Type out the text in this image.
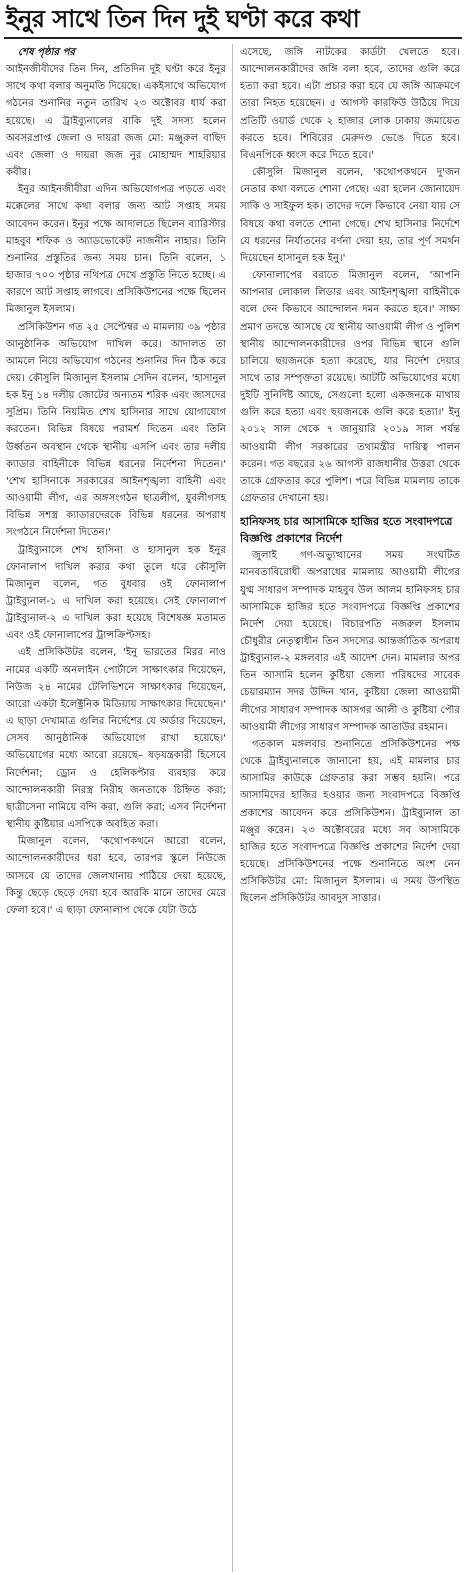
ইনুর সাথে তিন দিন দুই ঘণ্টা করে কথা
শেষ পৃষ্ঠার পর

আইনজীবীদের তিন দিন, প্রতিদিন দুই ঘণ্টা করে ইনুর সাথে কথা বলার অনুমতি দিয়েছে। একইসাথে অভিযোগ গঠনের শুনানির নতুন তারিখ ২৩ অক্টোবর ধার্য করা হয়েছে। এ ট্রাইব্যুনালের বাকি দুই সদস্য হলেন অবসরপ্রাপ্ত জেলা ও দায়রা জজ মো: মঞ্জুরুল বাছিদ এবং জেলা ও দায়রা জজ নুর মোহাম্মদ শাহরিয়ার কবীর।

ইনুর আইনজীবীরা এদিন অভিযোগপত্র পড়তে এবং মক্কেলের সাথে কথা বলার জন্য আট সপ্তাহ সময় আবেদন করেন। ইনুর পক্ষে আদালতে ছিলেন ব্যারিস্টার মাহবুব শফিক ও অ্যাডভোকেট নাজনীন নাহার। তিনি শুনানির প্রস্তুতির জন্য সময় চান। তিনি বলেন, ১ হাজার ৭০০ পৃষ্ঠার নথিপত্র দেখে প্রস্তুতি নিতে হচ্ছে। এ কারণে আট সপ্তাহ লাগবে। প্রসিকিউশনের পক্ষে ছিলেন মিজানুল ইসলাম।

প্রসিকিউশন গত ২৫ সেপ্টেম্বর এ মামলায় ৩৯ পৃষ্ঠার আনুষ্ঠানিক অভিযোগ দাখিল করে। আদালত তা আমলে নিয়ে অভিযোগ গঠনের শুনানির দিন ঠিক করে দেয়। কৌসুলি মিজানুল ইসলাম সেদিন বলেন, 'হাসানুল হক ইনু ১৪ দলীয় জোটের অন্যতম শরিক এবং জাসদের সুপ্রিম। তিনি নিয়মিত শেখ হাসিনার সাথে যোগাযোগ করতেন। বিভিন্ন বিষয়ে পরামর্শ দিতেন এবং তিনি উর্ধ্বতন অবস্থান থেকে স্থানীয় এসপি এবং তার দলীয় ক্যাডার বাহিনীকে বিভিন্ন ধরনের নির্দেশনা দিতেন।' 'শেখ হাসিনাকে সরকারের আইনশৃঙ্খলা বাহিনী এবং আওয়ামী লীগ, এর অঙ্গসংগঠন ছাত্রলীগ, যুবলীগসহ বিভিন্ন সশস্ত্র ক্যাডারদেরকে বিভিন্ন ধরনের অপরাধ সংগঠনে নির্দেশনা দিতেন।'

ট্রাইব্যুনালে শেখ হাসিনা ও হাসানুল হক ইনুর ফোনালাপ দাখিল করার কথা তুলে ধরে কৌসুলি মিজানুল বলেন, গত বুধবার ওই ফোনালাপ ট্রাইব্যুনাল-১ এ দাখিল করা হয়েছে। সেই ফোনালাপ ট্রাইব্যুনাল-২ এ দাখিল করা হয়েছে বিশেষজ্ঞ মতামত এবং ওই ফোনালাপের ট্রান্সক্রিপ্টসহ।

এই প্রসিকিউটর বলেন, 'ইনু ভারতের মিরর নাও নামের একটি অনলাইন পোর্টালে সাক্ষাৎকার দিয়েছেন, নিউজ ২৪ নামের টেলিভিশনে সাক্ষাৎকার দিয়েছেন, আরো একটা ইলেক্ট্রনিক মিডিয়ায় সাক্ষাৎকার দিয়েছেন।' এ ছাড়া দেখামাত্র গুলির নির্দেশের যে অর্ডার দিয়েছেন, সেসব আনুষ্ঠানিক অভিযোগে রাখা হয়েছে।' অভিযোগের মধ্যে আরো রয়েছে– ষড়যন্ত্রকারী হিসেবে নির্দেশনা; ড্রোন ও হেলিকপ্টার ব্যবহার করে আন্দোলনকারী নিরস্ত্র নিরীহ জনতাকে চিহ্নিত করা; ছাত্রীসেনা নামিয়ে বন্দি করা, গুলি করা; এসব নির্দেশনা স্থানীয় কুষ্টিয়ার এসপিকে অবহিত করা।

মিজানুল বলেন, 'কথোপকথনে আরো বলেন, আন্দোলনকারীদের ধরা হবে, তারপর স্কুলে নিউজে আসবে যে তাদের জেলখানায় পাঠিয়ে দেয়া হয়েছে, কিন্তু ছেড়ে ছেড়ে দেয়া হবে আরকি মানে তাদের মেরে ফেলা হবে।' এ ছাড়া ফোনালাপ থেকে যেটা উঠে

এসেছে, জঙ্গি নাটকের কার্ডটা খেলতে হবে। আন্দোলনকারীদের জঙ্গি বলা হবে, তাদের গুলি করে হত্যা করা হবে। এটা প্রচার করা হবে যে জঙ্গি আক্রমণে তারা নিহত হয়েছেন। ৫ আগস্ট কারফিউ উঠিয়ে দিয়ে প্রতিটি ওয়ার্ড থেকে ২ হাজার লোক ঢাকায় জমায়েত করতে হবে। শিবিরের মেরুদণ্ড ভেঙে দিতে হবে। বিএনপিকে ধ্বংস করে দিতে হবে।'

কৌসুলি মিজানুল বলেন, 'কথোপকথনে দু'জন নেতার কথা বলতে শোনা গেছে। এরা হলেন জোনায়েদ সাকি ও সাইফুল হক। তাদের দলে কিভাবে নেয়া যায় সে বিষয়ে কথা বলতে শোনা গেছে। শেখ হাসিনার নির্দেশে যে ধরনের নির্যাতনের বর্ণনা দেয়া হয়, তার পূর্ণ সমর্থন দিয়েছেন হাসানুল হক ইনু।'

ফোনালাপের বরাতে মিজানুল বলেন, 'আপনি আপনার লোকাল লিডার এবং আইনশৃঙ্খলা বাহিনীকে বলে দেন কিভাবে আন্দোলন দমন করতে হবে।' সাক্ষ্য প্রমাণ তদন্তে আসছে যে স্থানীয় আওয়ামী লীগ ও পুলিশ স্থানীয় আন্দোলনকারীদের ওপর বিভিন্ন স্থানে গুলি চালিয়ে ছয়জনকে হত্যা করেছে, যার নির্দেশ দেয়ার সাথে তার সম্পৃক্ততা রয়েছে। আটটি অভিযোগের মধ্যে দুইটি সুনির্দিষ্ট আছে, সেগুলো হলো একজনকে মাথায় গুলি করে হত্যা এবং ছয়জনকে গুলি করে হত্যা।' ইনু ২০১২ সাল থেকে ৭ জানুয়ারি ২০১৯ সাল পর্যন্ত আওয়ামী লীগ সরকারের তথ্যমন্ত্রীর দায়িত্ব পালন করেন। গত বছরের ২৬ আগস্ট রাজধানীর উত্তরা থেকে তাকে গ্রেফতার করে পুলিশ। পরে বিভিন্ন মামলায় তাকে গ্রেফতার দেখানো হয়।

হানিফসহ চার আসামিকে হাজির হতে সংবাদপত্রে বিজ্ঞপ্তি প্রকাশের নির্দেশ

জুলাই গণ-অভ্যুত্থানের সময় সংঘটিত মানবতাবিরোধী অপরাধের মামলায় আওয়ামী লীগের যুগ্ম সাধারণ সম্পাদক মাহবুব উল আলম হানিফসহ চার আসামিকে হাজির হতে সংবাদপত্রে বিজ্ঞপ্তি প্রকাশের নির্দেশ দেয়া হয়েছে। বিচারপতি নজরুল ইসলাম চৌধুরীর নেতৃত্বাধীন তিন সদস্যের আন্তর্জাতিক অপরাধ ট্রাইব্যুনাল-২ মঙ্গলবার এই আদেশ দেন। মামলার অপর তিন আসামি হলেন কুষ্টিয়া জেলা পরিষদের সাবেক চেয়ারম্যান সদর উদ্দিন খান, কুষ্টিয়া জেলা আওয়ামী লীগের সাধারণ সম্পাদক আসগর আলী ও কুষ্টিয়া পৌর আওয়ামী লীগের সাধারণ সম্পাদক আতাউর রহমান।

গতকাল মঙ্গলবার শুনানিতে প্রসিকিউশনের পক্ষ থেকে ট্রাইব্যুনালকে জানানো হয়, এই মামলার চার আসামির কাউকে গ্রেফতার করা সম্ভব হয়নি। পরে আসামিদের হাজির হওয়ার জন্য সংবাদপত্রে বিজ্ঞপ্তি প্রকাশের আবেদন করে প্রসিকিউশন। ট্রাইব্যুনাল তা মঞ্জুর করেন। ২৩ অক্টোবরের মধ্যে সব আসামিকে হাজির হতে সংবাদপত্রে বিজ্ঞপ্তি প্রকাশের নির্দেশ দেয়া হয়েছে। প্রসিকিউশনের পক্ষে শুনানিতে অংশ নেন প্রসিকিউটর মো: মিজানুল ইসলাম। এ সময় উপস্থিত ছিলেন প্রসিকিউটর আবদুস সাত্তার।
